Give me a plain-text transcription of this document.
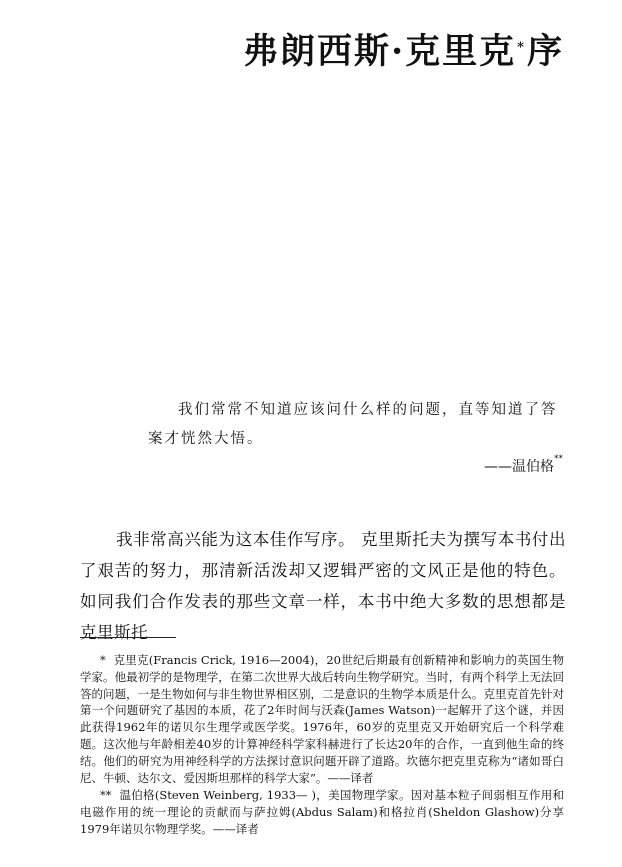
弗朗西斯·克里克*序

我们常常不知道应该问什么样的问题，直等知道了答案才恍然大悟。

——温伯格**

我非常高兴能为这本佳作写序。 克里斯托夫为撰写本书付出了艰苦的努力，那清新活泼却又逻辑严密的文风正是他的特色。 如同我们合作发表的那些文章一样，本书中绝大多数的思想都是克里斯托

* 克里克(Francis Crick, 1916—2004)，20世纪后期最有创新精神和影响力的英国生物学家。他最初学的是物理学，在第二次世界大战后转向生物学研究。当时，有两个科学上无法回答的问题，一是生物如何与非生物世界相区别，二是意识的生物学本质是什么。克里克首先针对第一个问题研究了基因的本质，花了2年时间与沃森(James Watson)一起解开了这个谜，并因此获得1962年的诺贝尔生理学或医学奖。1976年，60岁的克里克又开始研究后一个科学难题。这次他与年龄相差40岁的计算神经科学家科赫进行了长达20年的合作，一直到他生命的终结。他们的研究为用神经科学的方法探讨意识问题开辟了道路。坎德尔把克里克称为“诸如哥白尼、牛顿、达尔文、爱因斯坦那样的科学大家”。——译者

** 温伯格(Steven Weinberg, 1933— )，美国物理学家。因对基本粒子间弱相互作用和电磁作用的统一理论的贡献而与萨拉姆(Abdus Salam)和格拉肖(Sheldon Glashow)分享1979年诺贝尔物理学奖。——译者
